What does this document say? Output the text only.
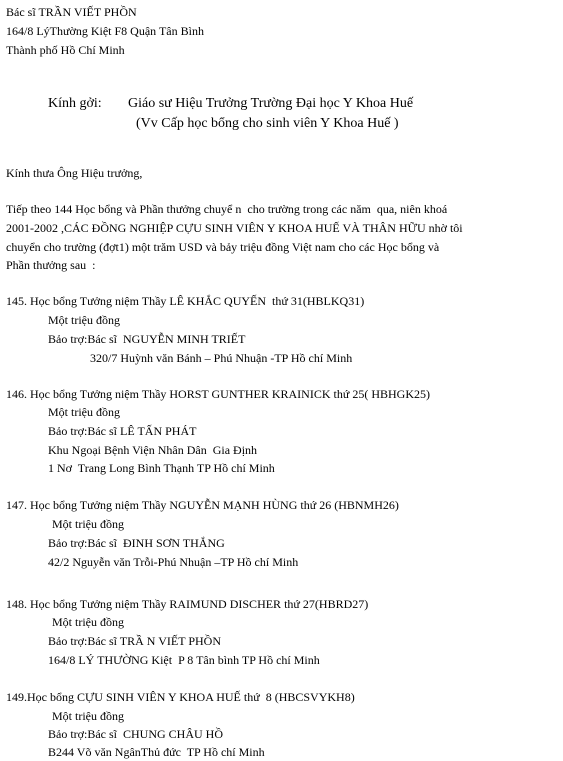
Bác sĩ TRẦN VIẾT PHỒN
164/8 LýThường Kiệt F8 Quận Tân Bình
Thành phố Hồ Chí Minh
Kính gởi: Giáo sư Hiệu Trưởng Trường Đại học Y Khoa Huế
(Vv Cấp học bổng cho sinh viên Y Khoa Huế )
Kính thưa Ông Hiệu trưởng,
Tiếp theo 144 Học bổng và Phần thưởng chuyể n  cho trường trong các năm  qua, niên khoá
2001-2002 ,CÁC ĐỒNG NGHIỆP CỰU SINH VIÊN Y KHOA HUẾ VÀ THÂN HỮU nhờ tôi
chuyển cho trường (đợt1) một trăm USD và bảy triệu đồng Việt nam cho các Học bổng và
Phần thưởng sau  :
145. Học bổng Tưởng niệm Thầy LÊ KHẮC QUYẾN  thứ 31(HBLKQ31)
Một triệu đồng
Bảo trợ:Bác sĩ  NGUYỄN MINH TRIẾT
320/7 Huỳnh văn Bánh – Phú Nhuận -TP Hồ chí Minh
146. Học bổng Tưởng niệm Thầy HORST GUNTHER KRAINICK thứ 25( HBHGK25)
Một triệu đồng
Bảo trợ:Bác sĩ LÊ TẤN PHÁT
Khu Ngoại Bệnh Viện Nhân Dân  Gia Định
1 Nơ  Trang Long Bình Thạnh TP Hồ chí Minh
147. Học bổng Tưởng niệm Thầy NGUYỄN MẠNH HÙNG thứ 26 (HBNMH26)
Một triệu đồng
Bảo trợ:Bác sĩ  ĐINH SƠN THẮNG
42/2 Nguyễn văn Trỗi-Phú Nhuận –TP Hồ chí Minh
148. Học bổng Tưởng niệm Thầy RAIMUND DISCHER thứ 27(HBRD27)
Một triệu đồng
Bảo trợ:Bác sĩ TRẦ N VIẾT PHỒN
164/8 LÝ THƯỜNG Kiệt  P 8 Tân bình TP Hồ chí Minh
149.Học bổng CỰU SINH VIÊN Y KHOA HUẾ thứ  8 (HBCSVYKH8)
Một triệu đồng
Bảo trợ:Bác sĩ  CHUNG CHÂU HỒ
B244 Võ văn NgânThủ đức  TP Hồ chí Minh
